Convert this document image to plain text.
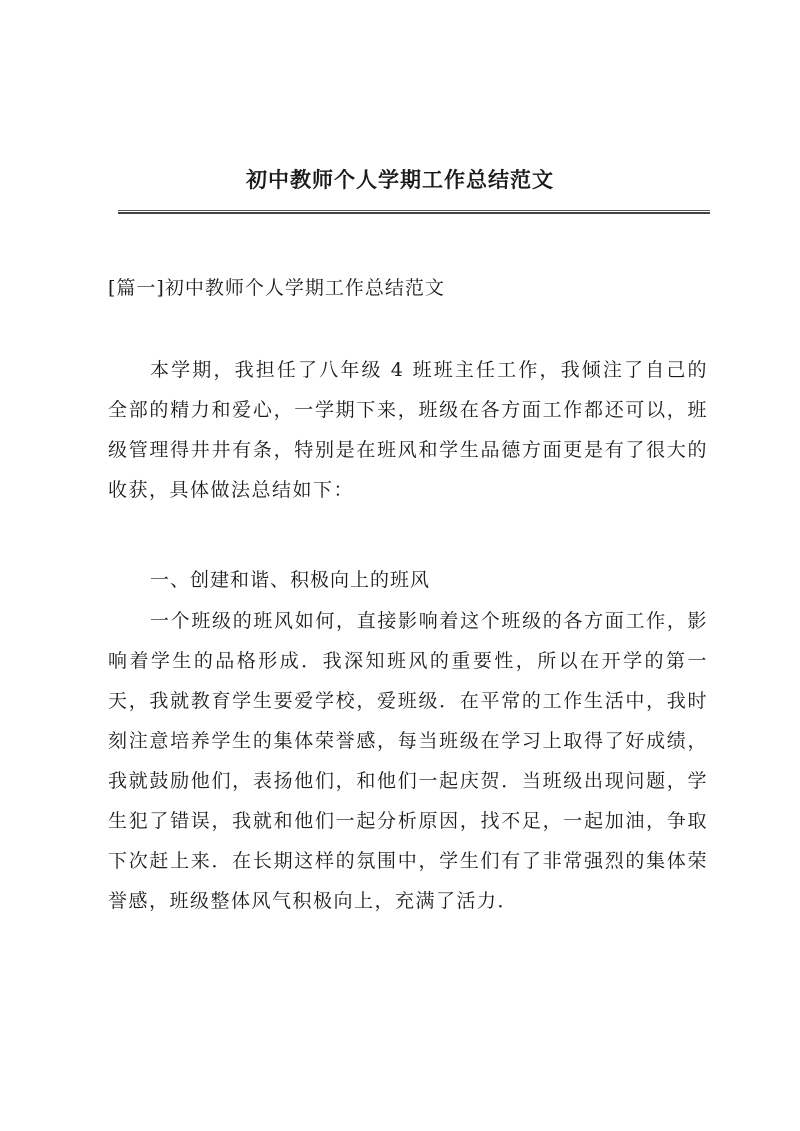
初中教师个人学期工作总结范文
[篇一]初中教师个人学期工作总结范文

本学期，我担任了八年级 4 班班主任工作，我倾注了自己的全部的精力和爱心，一学期下来，班级在各方面工作都还可以，班级管理得井井有条，特别是在班风和学生品德方面更是有了很大的收获，具体做法总结如下：

一、创建和谐、积极向上的班风

一个班级的班风如何，直接影响着这个班级的各方面工作，影响着学生的品格形成．我深知班风的重要性，所以在开学的第一天，我就教育学生要爱学校，爱班级．在平常的工作生活中，我时刻注意培养学生的集体荣誉感，每当班级在学习上取得了好成绩，我就鼓励他们，表扬他们，和他们一起庆贺．当班级出现问题，学生犯了错误，我就和他们一起分析原因，找不足，一起加油，争取下次赶上来．在长期这样的氛围中，学生们有了非常强烈的集体荣誉感，班级整体风气积极向上，充满了活力．
